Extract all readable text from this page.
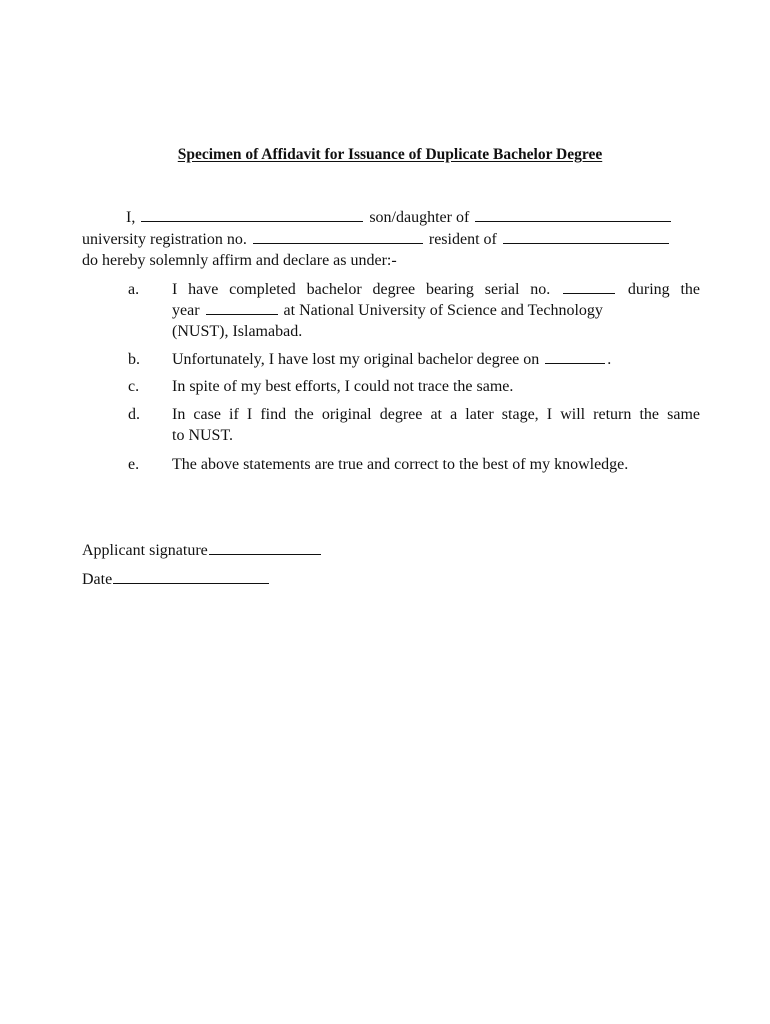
Specimen of Affidavit for Issuance of Duplicate Bachelor Degree
I,	son/daughter of
university registration no.	resident of
do hereby solemnly affirm and declare as under:-
a. I have completed bachelor degree bearing serial no.	during the
year	at National University of Science and Technology
(NUST), Islamabad.
b. Unfortunately, I have lost my original bachelor degree on	.
c. In spite of my best efforts, I could not trace the same.
d. In case if I find the original degree at a later stage, I will return the same
to NUST.
e. The above statements are true and correct to the best of my knowledge.
Applicant signature
Date
